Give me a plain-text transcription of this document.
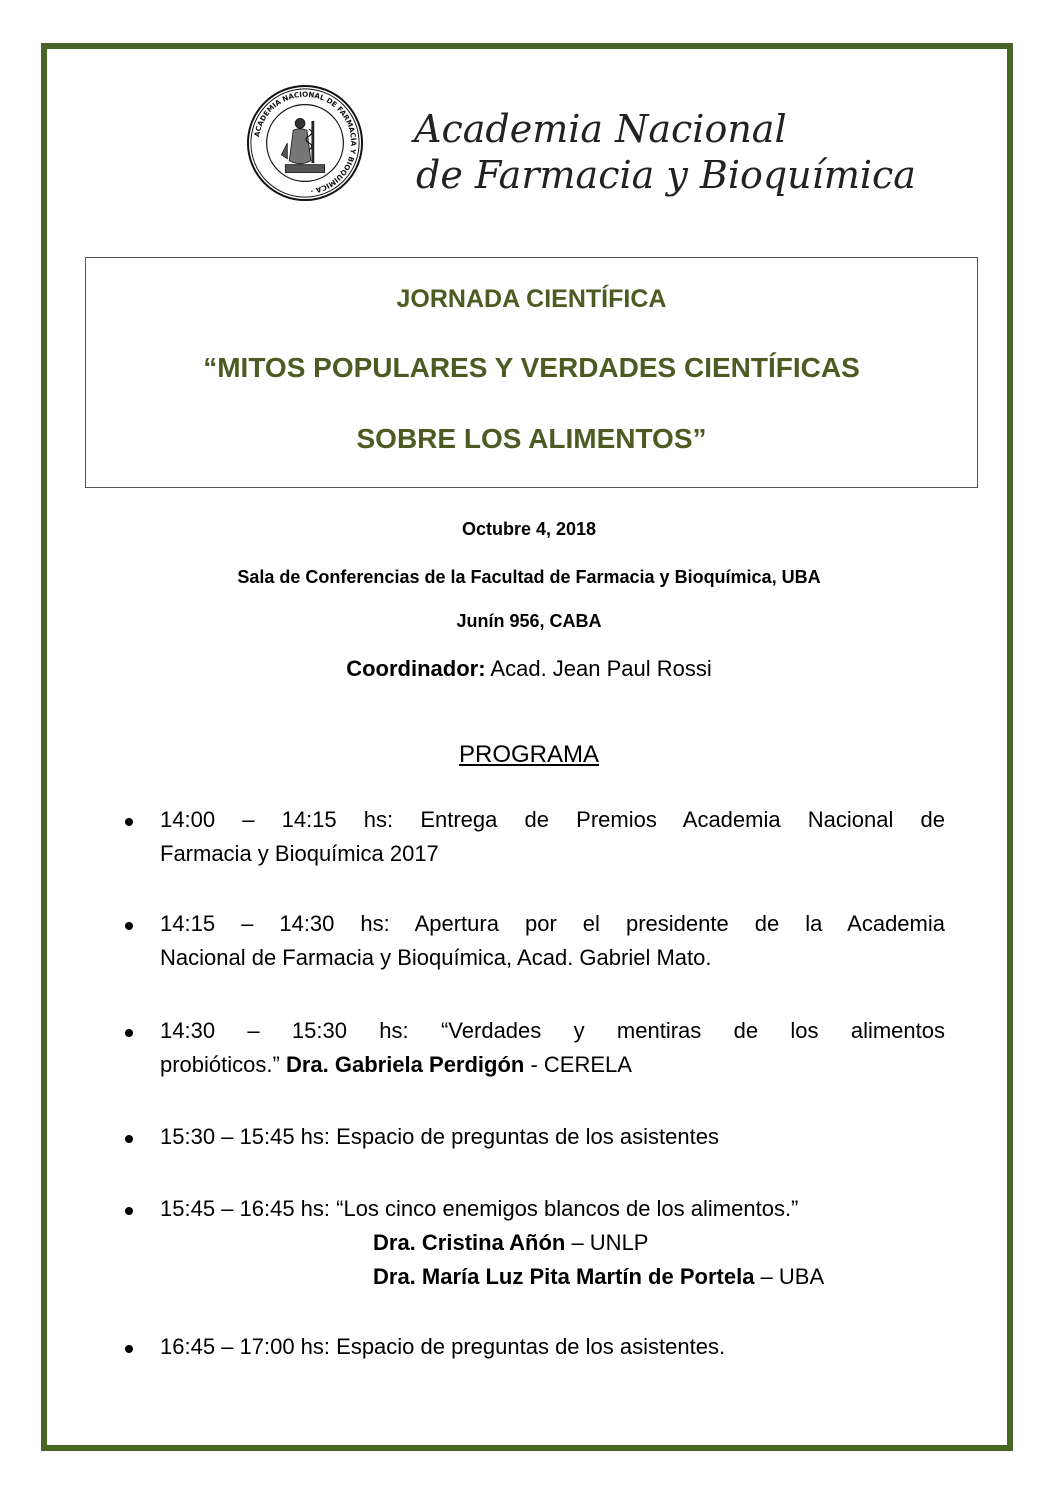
ACADEMIA NACIONAL DE FARMACIA Y BIOQUIMICA ·
Academia Nacional
de Farmacia y Bioquímica
JORNADA CIENTÍFICA
“MITOS POPULARES Y VERDADES CIENTÍFICAS
SOBRE LOS ALIMENTOS”
Octubre 4, 2018
Sala de Conferencias de la Facultad de Farmacia y Bioquímica, UBA
Junín 956, CABA
Coordinador: Acad. Jean Paul Rossi
PROGRAMA
14:00 – 14:15 hs: Entrega de Premios Academia Nacional de
Farmacia y Bioquímica 2017
14:15 – 14:30 hs: Apertura por el presidente de la Academia
Nacional de Farmacia y Bioquímica, Acad. Gabriel Mato.
14:30 – 15:30 hs: “Verdades y mentiras de los alimentos
probióticos.” Dra. Gabriela Perdigón - CERELA
15:30 – 15:45 hs: Espacio de preguntas de los asistentes
15:45 – 16:45 hs: “Los cinco enemigos blancos de los alimentos.”
Dra. Cristina Añón – UNLP
Dra. María Luz Pita Martín de Portela – UBA
16:45 – 17:00 hs: Espacio de preguntas de los asistentes.
